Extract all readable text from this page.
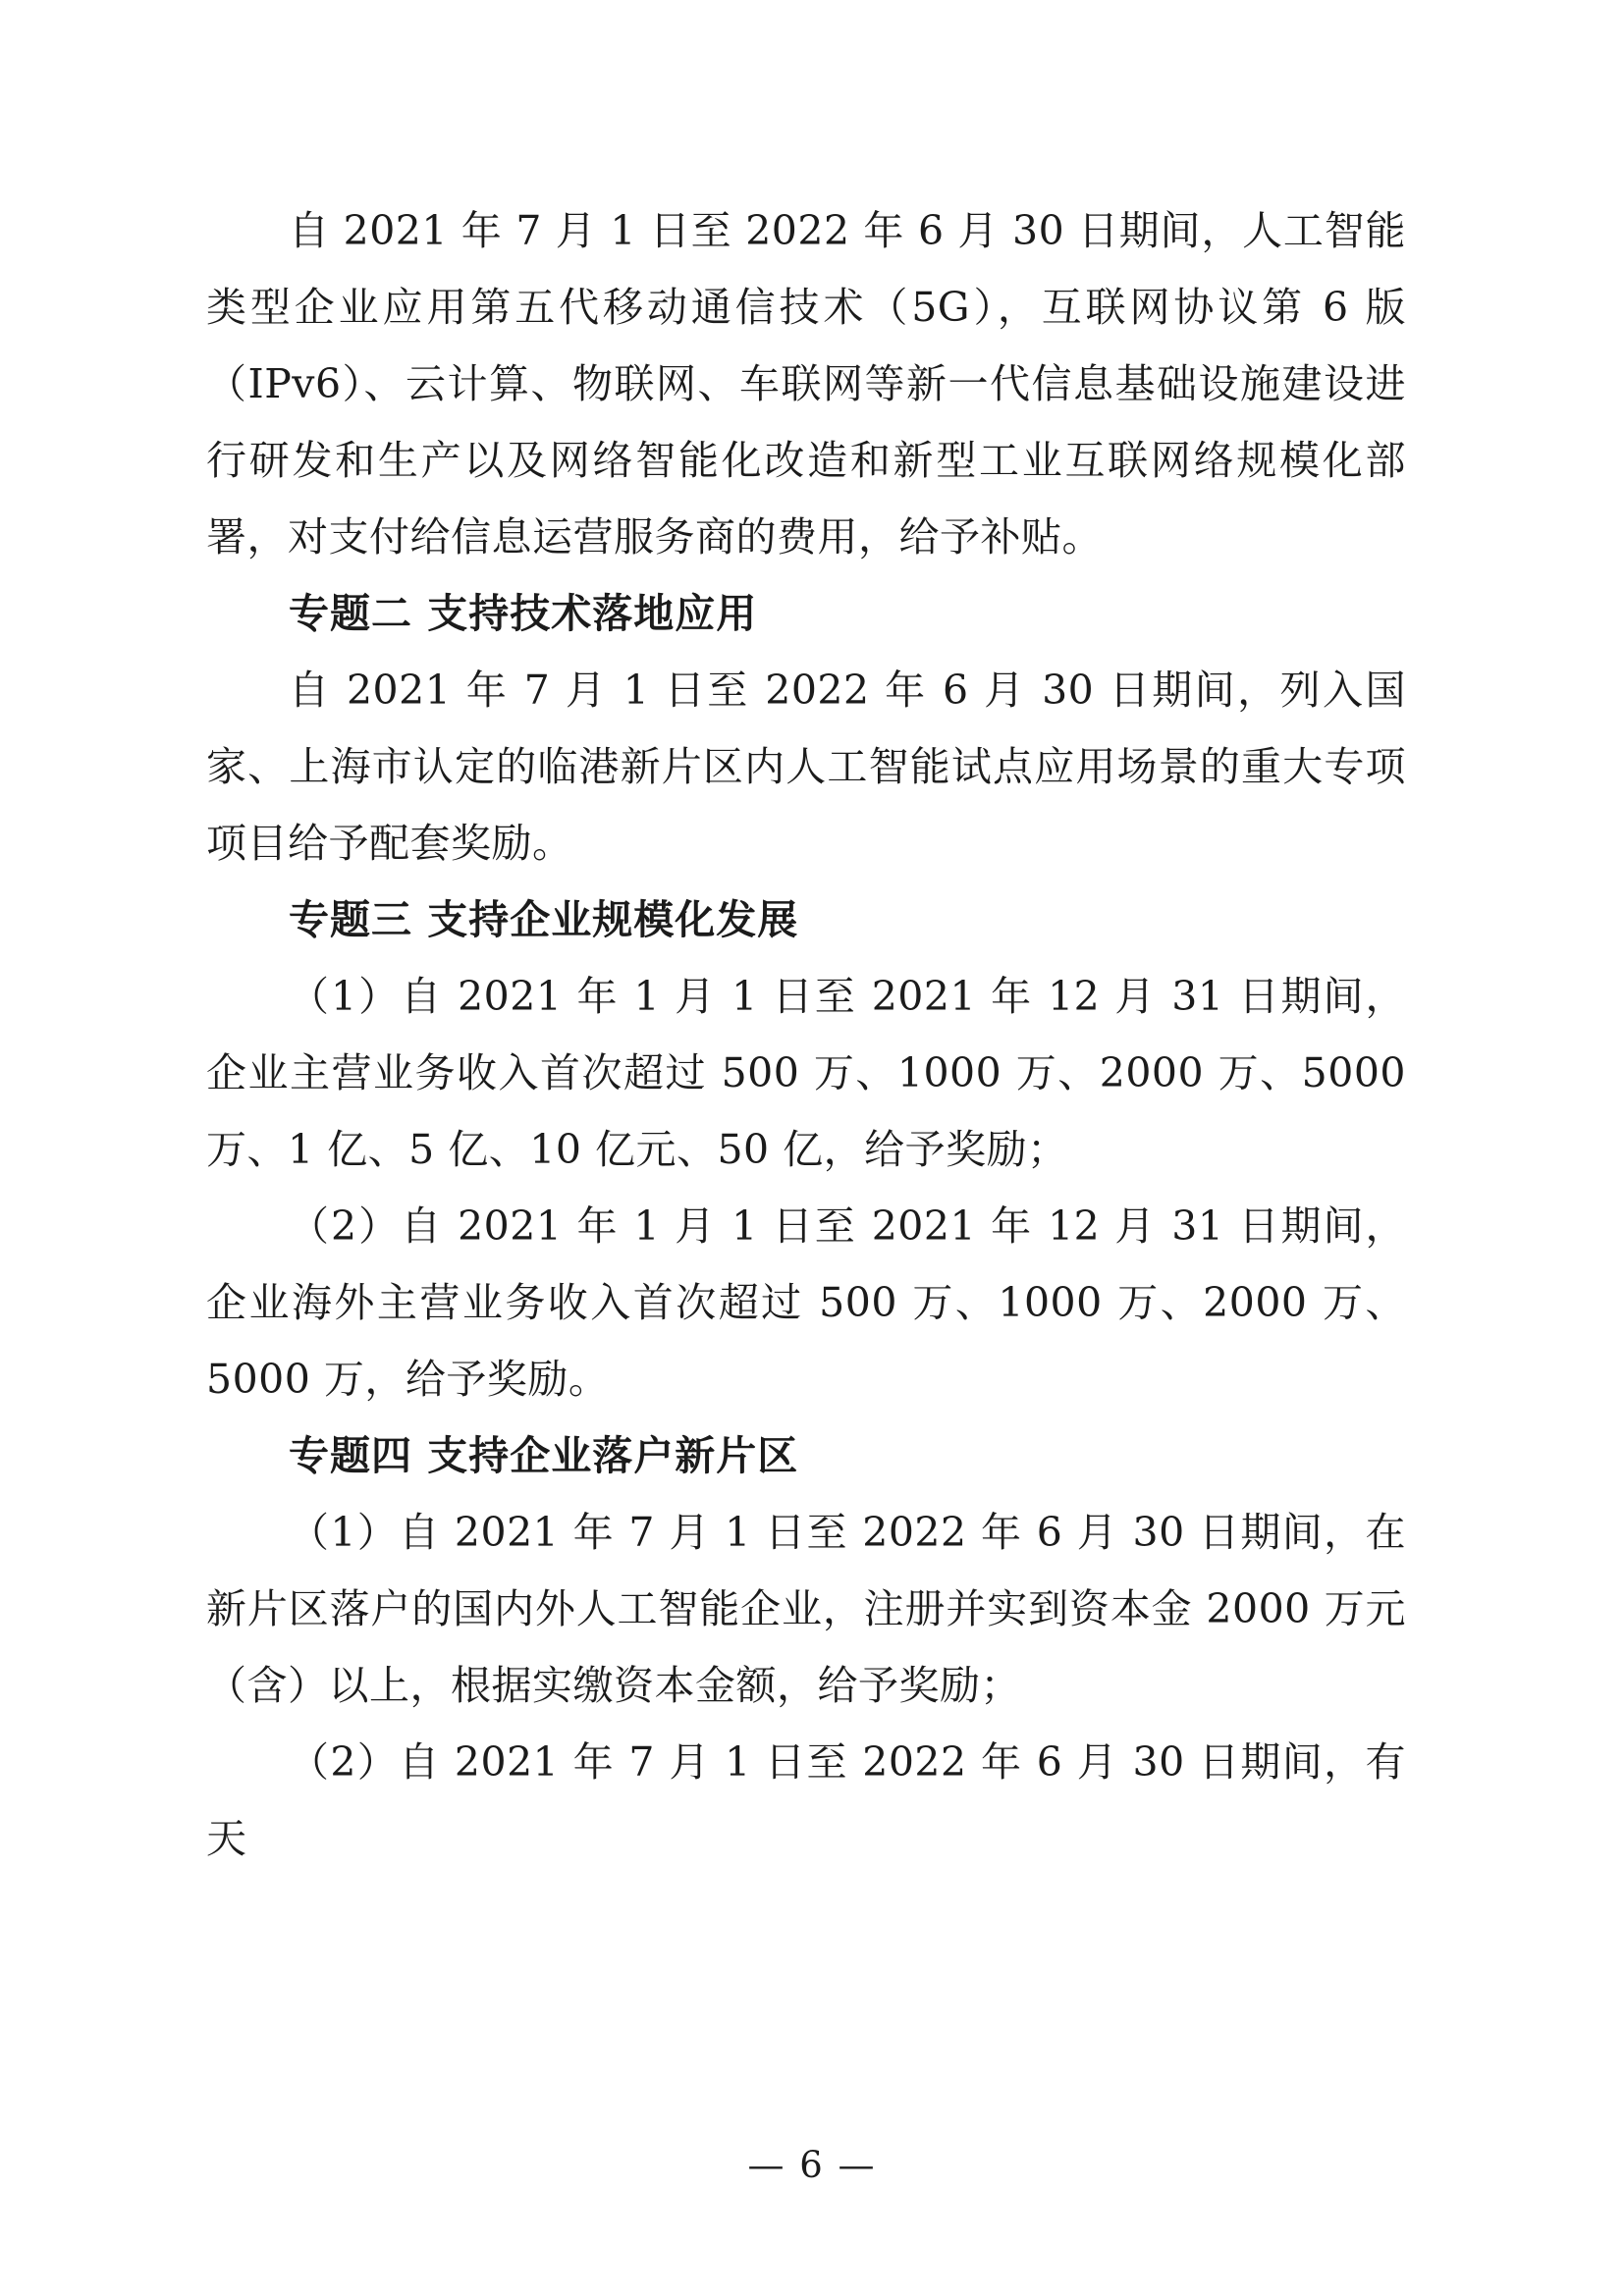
自 2021 年 7 月 1 日至 2022 年 6 月 30 日期间，人工智能类型企业应用第五代移动通信技术（5G），互联网协议第 6 版（IPv6）、云计算、物联网、车联网等新一代信息基础设施建设进行研发和生产以及网络智能化改造和新型工业互联网络规模化部署，对支付给信息运营服务商的费用，给予补贴。

专题二 支持技术落地应用

自 2021 年 7 月 1 日至 2022 年 6 月 30 日期间，列入国家、上海市认定的临港新片区内人工智能试点应用场景的重大专项项目给予配套奖励。

专题三 支持企业规模化发展

（1）自 2021 年 1 月 1 日至 2021 年 12 月 31 日期间，企业主营业务收入首次超过 500 万、1000 万、2000 万、5000 万、1 亿、5 亿、10 亿元、50 亿，给予奖励；

（2）自 2021 年 1 月 1 日至 2021 年 12 月 31 日期间，企业海外主营业务收入首次超过 500 万、1000 万、2000 万、5000 万，给予奖励。

专题四 支持企业落户新片区

（1）自 2021 年 7 月 1 日至 2022 年 6 月 30 日期间，在新片区落户的国内外人工智能企业，注册并实到资本金 2000 万元（含）以上，根据实缴资本金额，给予奖励；

（2）自 2021 年 7 月 1 日至 2022 年 6 月 30 日期间，有天

— 6 —
